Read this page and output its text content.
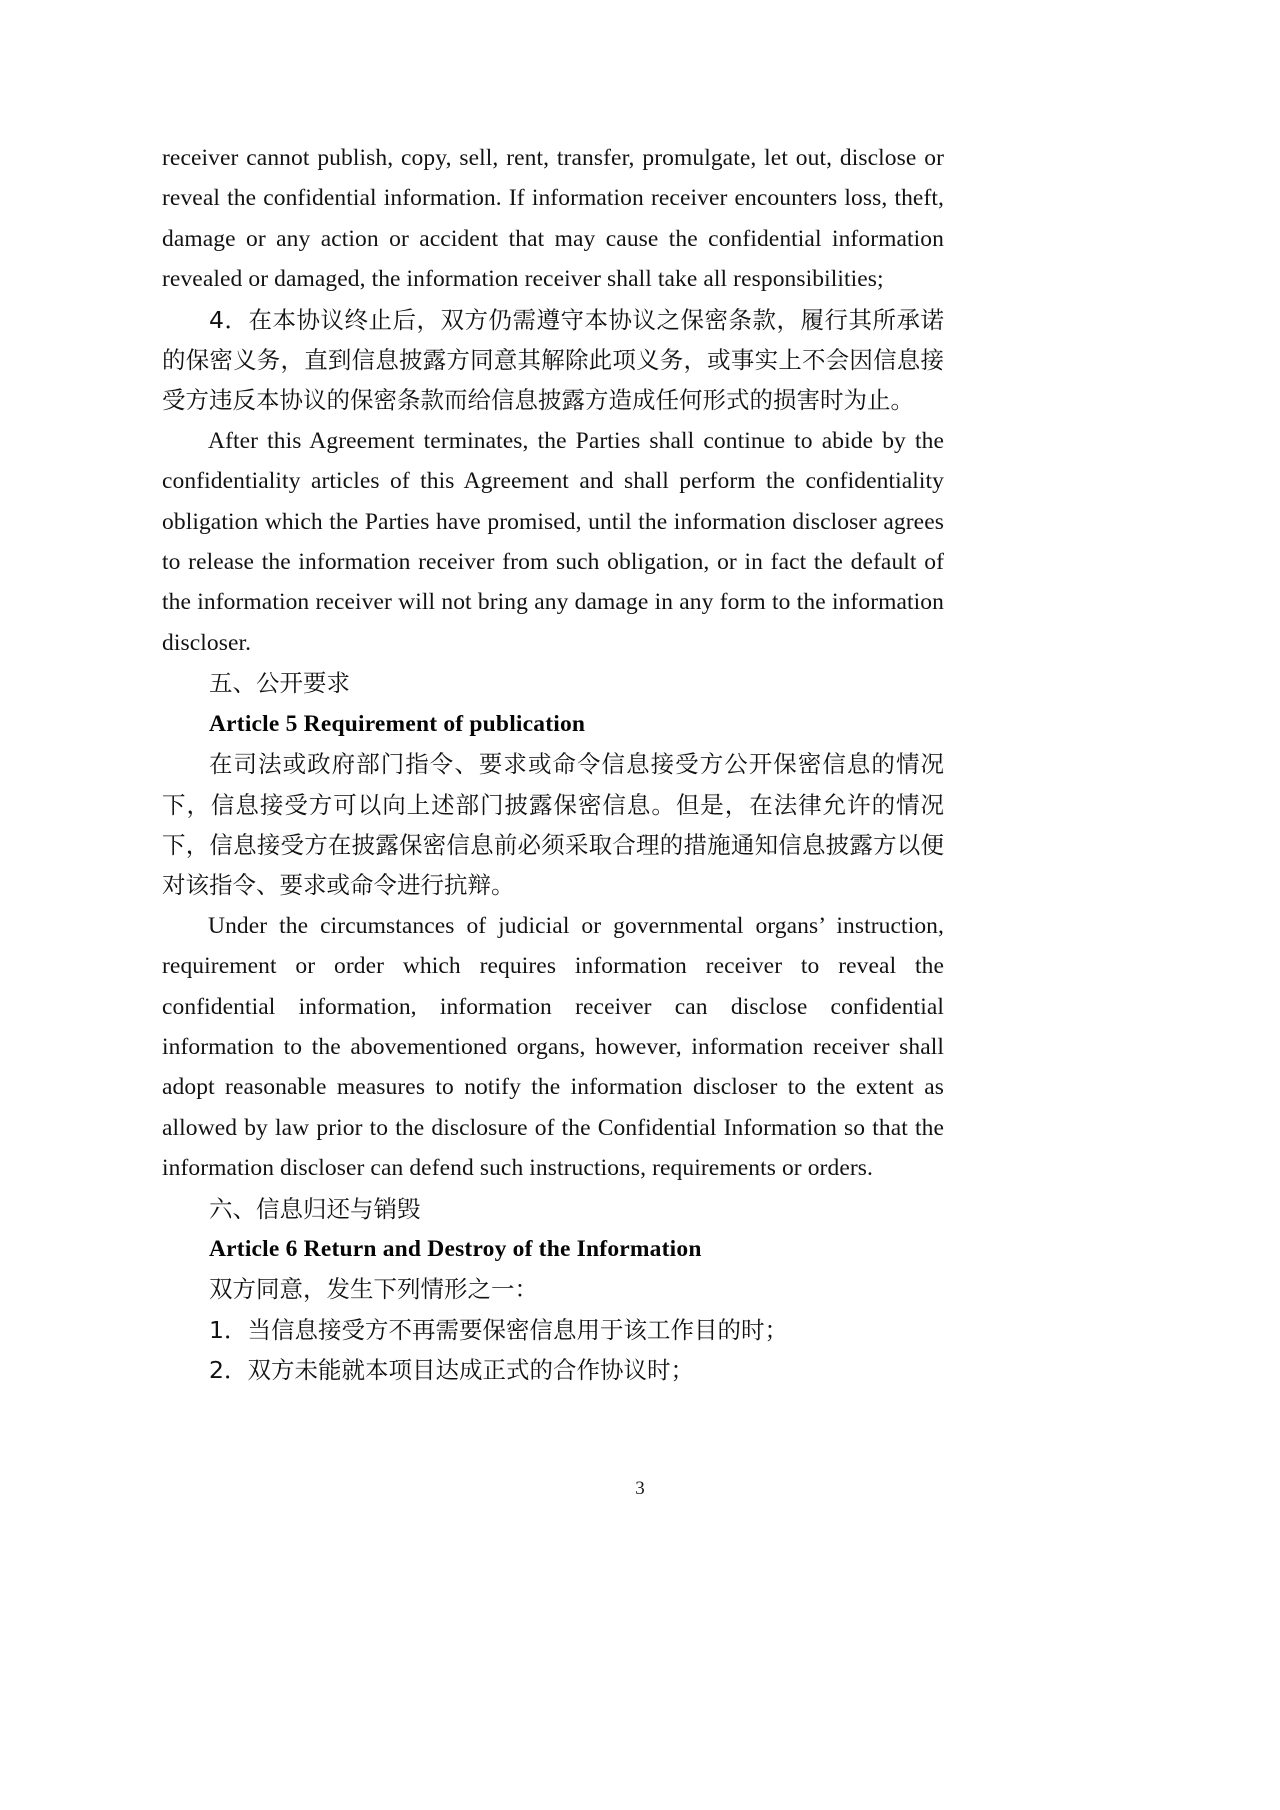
receiver cannot publish, copy, sell, rent, transfer, promulgate, let out, disclose or reveal the confidential information. If information receiver encounters loss, theft, damage or any action or accident that may cause the confidential information revealed or damaged, the information receiver shall take all responsibilities;

4．在本协议终止后，双方仍需遵守本协议之保密条款，履行其所承诺的保密义务，直到信息披露方同意其解除此项义务，或事实上不会因信息接受方违反本协议的保密条款而给信息披露方造成任何形式的损害时为止。

After this Agreement terminates, the Parties shall continue to abide by the confidentiality articles of this Agreement and shall perform the confidentiality obligation which the Parties have promised, until the information discloser agrees to release the information receiver from such obligation, or in fact the default of the information receiver will not bring any damage in any form to the information discloser.

五、公开要求

Article 5 Requirement of publication

在司法或政府部门指令、要求或命令信息接受方公开保密信息的情况下，信息接受方可以向上述部门披露保密信息。但是，在法律允许的情况下，信息接受方在披露保密信息前必须采取合理的措施通知信息披露方以便对该指令、要求或命令进行抗辩。

Under the circumstances of judicial or governmental organs’ instruction, requirement or order which requires information receiver to reveal the confidential information, information receiver can disclose confidential information to the abovementioned organs, however, information receiver shall adopt reasonable measures to notify the information discloser to the extent as allowed by law prior to the disclosure of the Confidential Information so that the information discloser can defend such instructions, requirements or orders.

六、信息归还与销毁

Article 6 Return and Destroy of the Information

双方同意，发生下列情形之一：

1．当信息接受方不再需要保密信息用于该工作目的时；

2．双方未能就本项目达成正式的合作协议时；

3
